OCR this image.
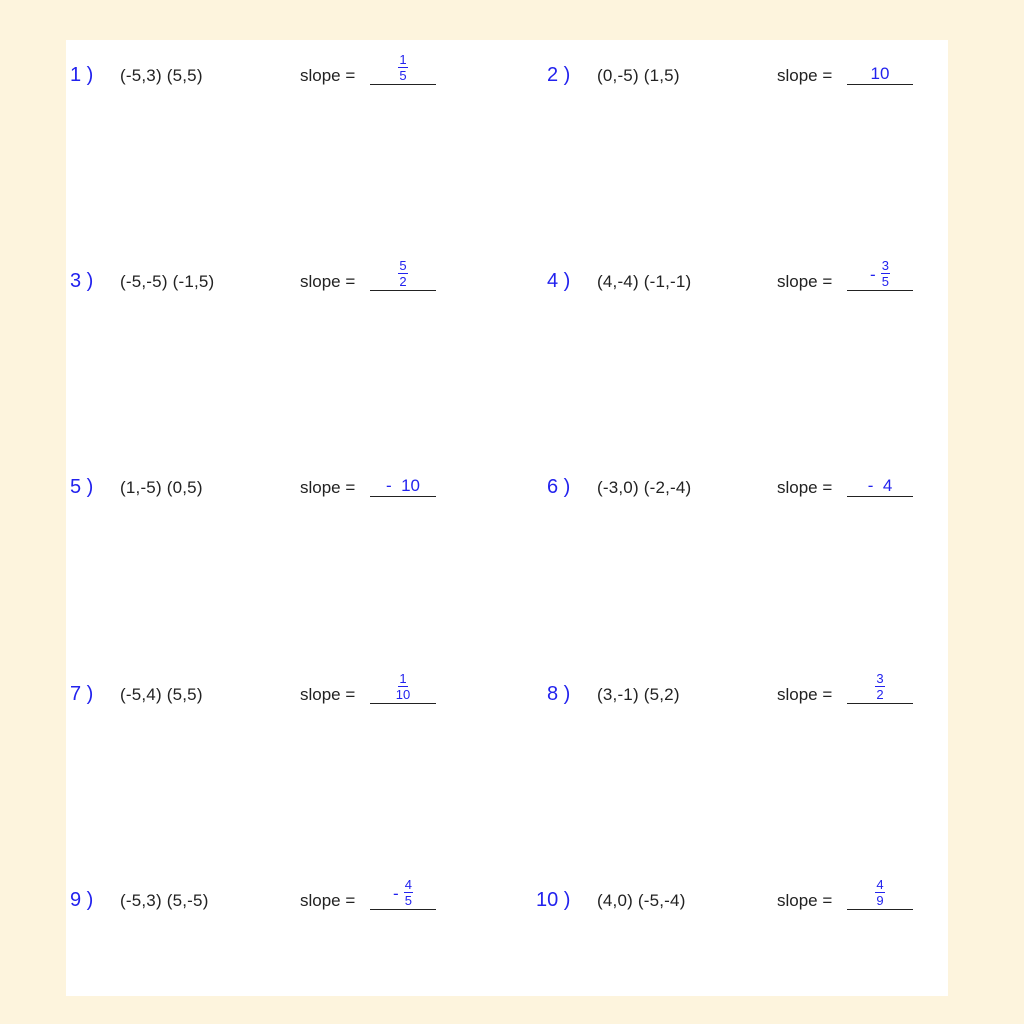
1 ) (-5,3) (5,5)	slope =	$\frac{1}{5}$	2 ) (0,-5) (1,5)	slope = 10
3 ) (-5,-5) (-1,5)	slope =	$\frac{5}{2}$	4 ) (4,-4) (-1,-1)	slope = - $\frac{3}{5}$
5 ) (1,-5) (0,5)	slope = -  10	6 ) (-3,0) (-2,-4)	slope = -  4
7 ) (-5,4) (5,5)	slope =	$\frac{1}{10}$	8 ) (3,-1) (5,2)	slope =	$\frac{3}{2}$
9 ) (-5,3) (5,-5)	slope = - $\frac{4}{5}$	10 ) (4,0) (-5,-4)	slope =	$\frac{4}{9}$
